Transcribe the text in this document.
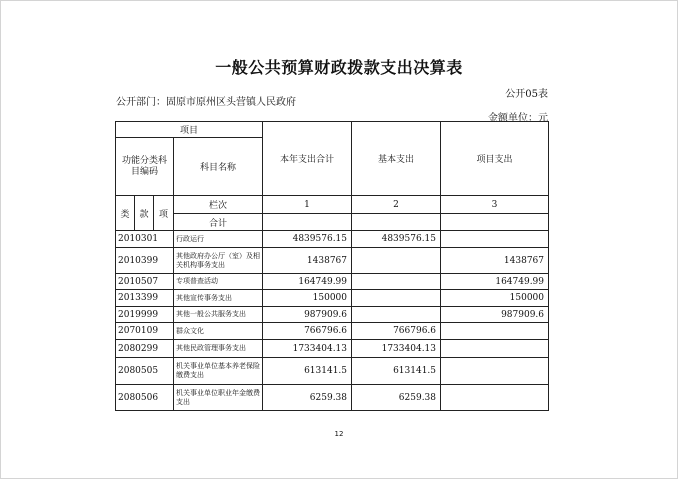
一般公共预算财政拨款支出决算表
公开05表
公开部门：固原市原州区头营镇人民政府
金额单位：元
项目				本年支出合计	基本支出	项目支出
功能分类科目编码			科目名称			

类	款	项	栏次	1	2	3
			合计			
2010301			行政运行	4839576.15	4839576.15	
2010399			其他政府办公厅（室）及相关机构事务支出	1438767		1438767
2010507			专项普查活动	164749.99		164749.99
2013399			其他宣传事务支出	150000		150000
2019999			其他一般公共服务支出	987909.6		987909.6
2070109			群众文化	766796.6	766796.6	
2080299			其他民政管理事务支出	1733404.13	1733404.13	
2080505			机关事业单位基本养老保险缴费支出	613141.5	613141.5	
2080506			机关事业单位职业年金缴费支出	6259.38	6259.38	
12
